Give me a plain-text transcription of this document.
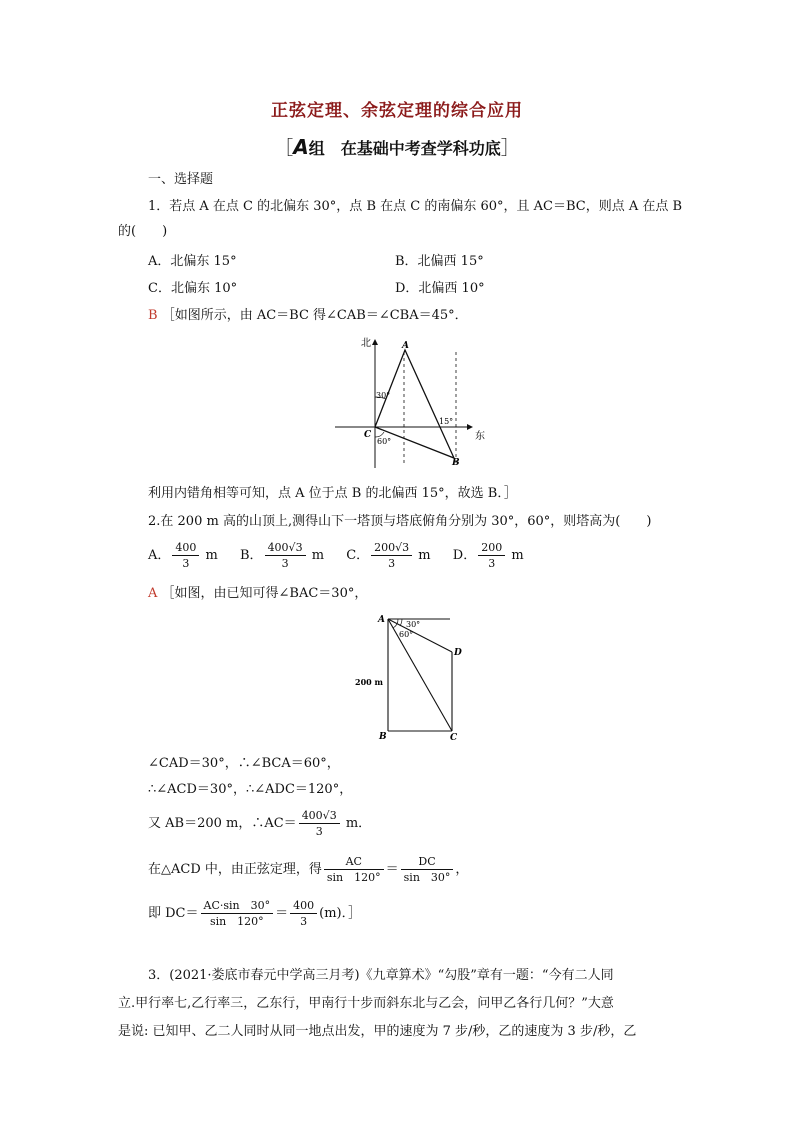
正弦定理、余弦定理的综合应用
［A组　在基础中考查学科功底］
一、选择题
1．若点 A 在点 C 的北偏东 30°，点 B 在点 C 的南偏东 60°，且 AC＝BC，则点 A 在点 B
的(　　)
A．北偏东 15°	B．北偏西 15°
C．北偏东 10°	D．北偏西 10°
B ［如图所示，由 AC＝BC 得∠CAB＝∠CBA＝45°．
北
东
A
B
C
30°
60°
15°
利用内错角相等可知，点 A 位于点 B 的北偏西 15°，故选 B．］
2.在 200 m 高的山顶上,测得山下一塔顶与塔底俯角分别为 30°，60°，则塔高为(　　)
A． $\frac{400}{3}$ m B． $\frac{400√3}{3}$ m C． $\frac{200√3}{3}$ m D． $\frac{200}{3}$ m
A ［如图，由已知可得∠BAC＝30°，
A
B	C
D
30°
60°
200 m
∠CAD＝30°，∴∠BCA＝60°，
∴∠ACD＝30°，∴∠ADC＝120°，
又 AB＝200 m，∴AC＝ $\frac{400√3}{3}$ m．
在△ACD 中，由正弦定理，得 $\frac{AC}{\sin 120^\circ} = \frac{DC}{\sin 30^\circ}$ ，
即 $DC= \frac{AC\cdot\sin 30^\circ}{\sin 120^\circ} = \frac{400}{3} (m)$．］
3．(2021·娄底市春元中学高三月考)《九章算术》“勾股”章有一题：“今有二人同
立.甲行率七,乙行率三，乙东行，甲南行十步而斜东北与乙会，问甲乙各行几何？”大意
是说: 已知甲、乙二人同时从同一地点出发，甲的速度为 7 步/秒，乙的速度为 3 步/秒，乙
